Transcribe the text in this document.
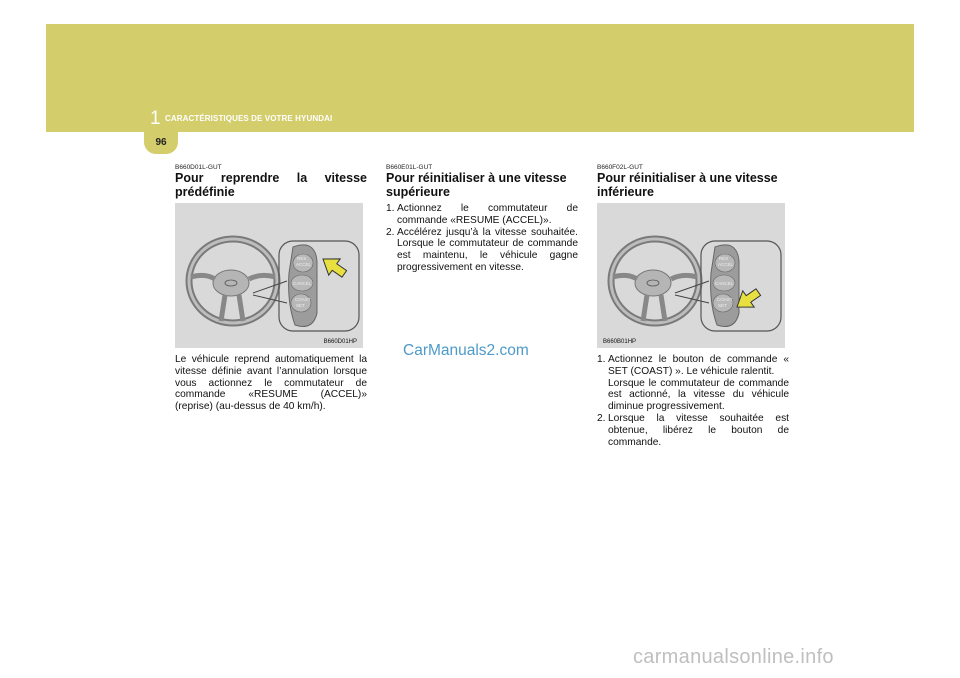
1 CARACTÉRISTIQUES DE VOTRE HYUNDAI
96
B660D01L-GUT
Pour reprendre la vitesse prédéfinie
RES
ACCEL
CANCEL
COAST
SET
B660D01HP
Le véhicule reprend automatiquement la vitesse définie avant l’annulation lorsque vous actionnez le commutateur de commande «RESUME (ACCEL)» (reprise) (au-dessus de 40 km/h).
B660E01L-GUT
Pour réinitialiser à une vitesse supérieure
1. Actionnez le commutateur de commande «RESUME (ACCEL)».
2. Accélérez jusqu’à la vitesse souhaitée. Lorsque le commutateur de commande est maintenu, le véhicule gagne progressivement en vitesse.
B660F02L-GUT
Pour réinitialiser à une vitesse inférieure
RES
ACCEL
CANCEL
COAST
SET
B660B01HP
1. Actionnez le bouton de commande « SET (COAST) ». Le véhicule ralentit.
Lorsque le commutateur de commande est actionné, la vitesse du véhicule diminue progressivement.
2. Lorsque la vitesse souhaitée est obtenue, libérez le bouton de commande.
CarManuals2.com
carmanualsonline.info
